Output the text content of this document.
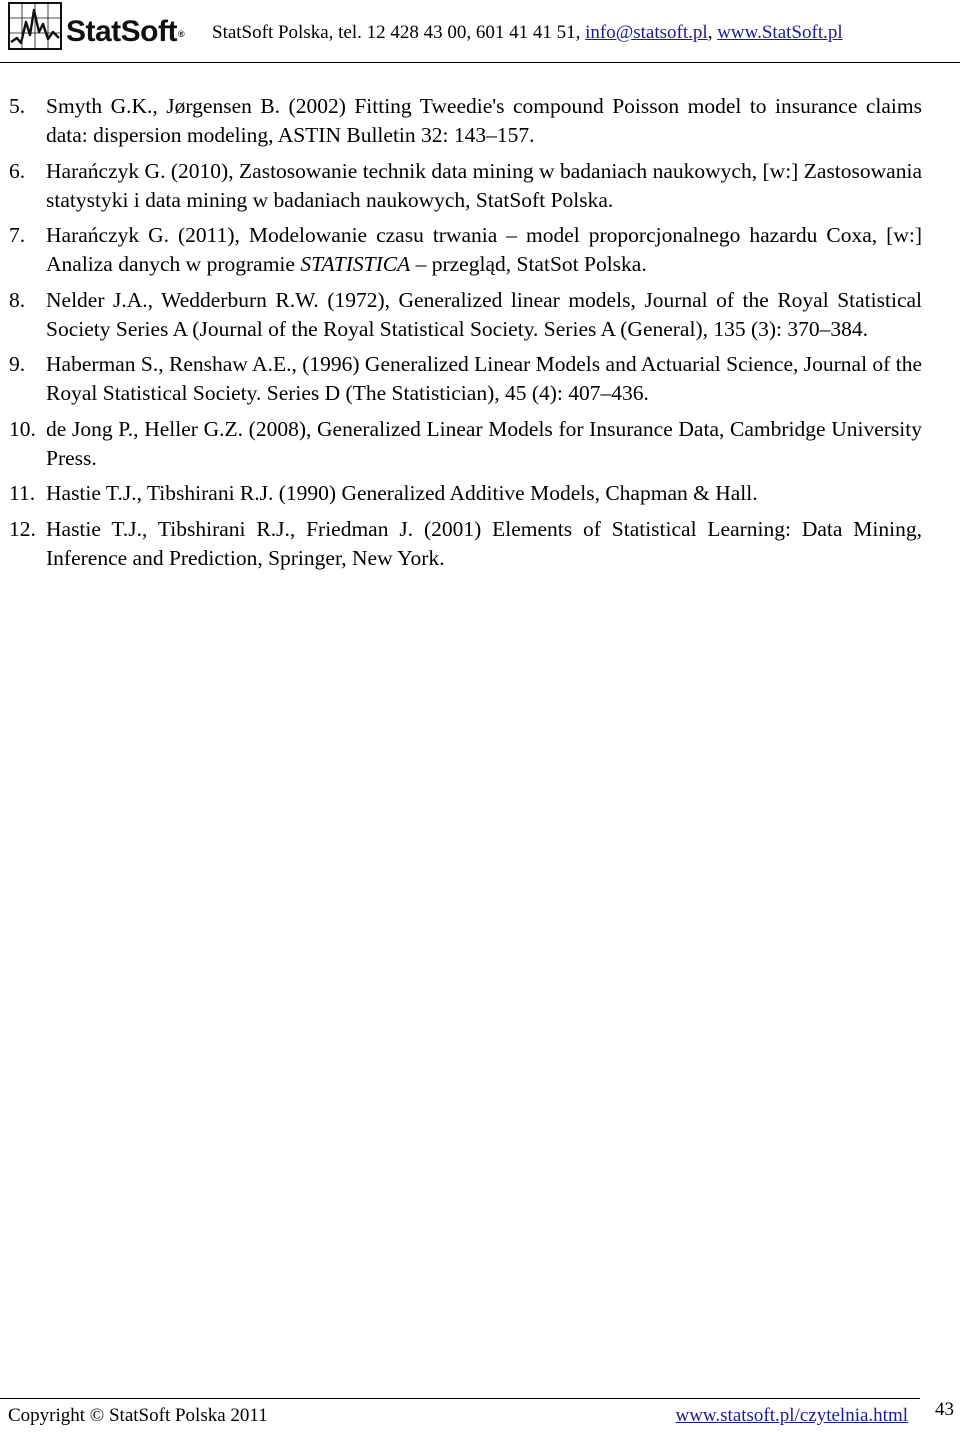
StatSoft® StatSoft Polska, tel. 12 428 43 00, 601 41 41 51, info@statsoft.pl, www.StatSoft.pl
5. Smyth G.K., Jørgensen B. (2002) Fitting Tweedie's compound Poisson model to insurance claims data: dispersion modeling, ASTIN Bulletin 32: 143–157.
6. Harańczyk G. (2010), Zastosowanie technik data mining w badaniach naukowych, [w:] Zastosowania statystyki i data mining w badaniach naukowych, StatSoft Polska.
7. Harańczyk G. (2011), Modelowanie czasu trwania – model proporcjonalnego hazardu Coxa, [w:] Analiza danych w programie STATISTICA – przegląd, StatSot Polska.
8. Nelder J.A., Wedderburn R.W. (1972), Generalized linear models, Journal of the Royal Statistical Society Series A (Journal of the Royal Statistical Society. Series A (General), 135 (3): 370–384.
9. Haberman S., Renshaw A.E., (1996) Generalized Linear Models and Actuarial Science, Journal of the Royal Statistical Society. Series D (The Statistician), 45 (4): 407–436.
10. de Jong P., Heller G.Z. (2008), Generalized Linear Models for Insurance Data, Cambridge University Press.
11. Hastie T.J., Tibshirani R.J. (1990) Generalized Additive Models, Chapman & Hall.
12. Hastie T.J., Tibshirani R.J., Friedman J. (2001) Elements of Statistical Learning: Data Mining, Inference and Prediction, Springer, New York.
Copyright © StatSoft Polska 2011	www.statsoft.pl/czytelnia.html 43
